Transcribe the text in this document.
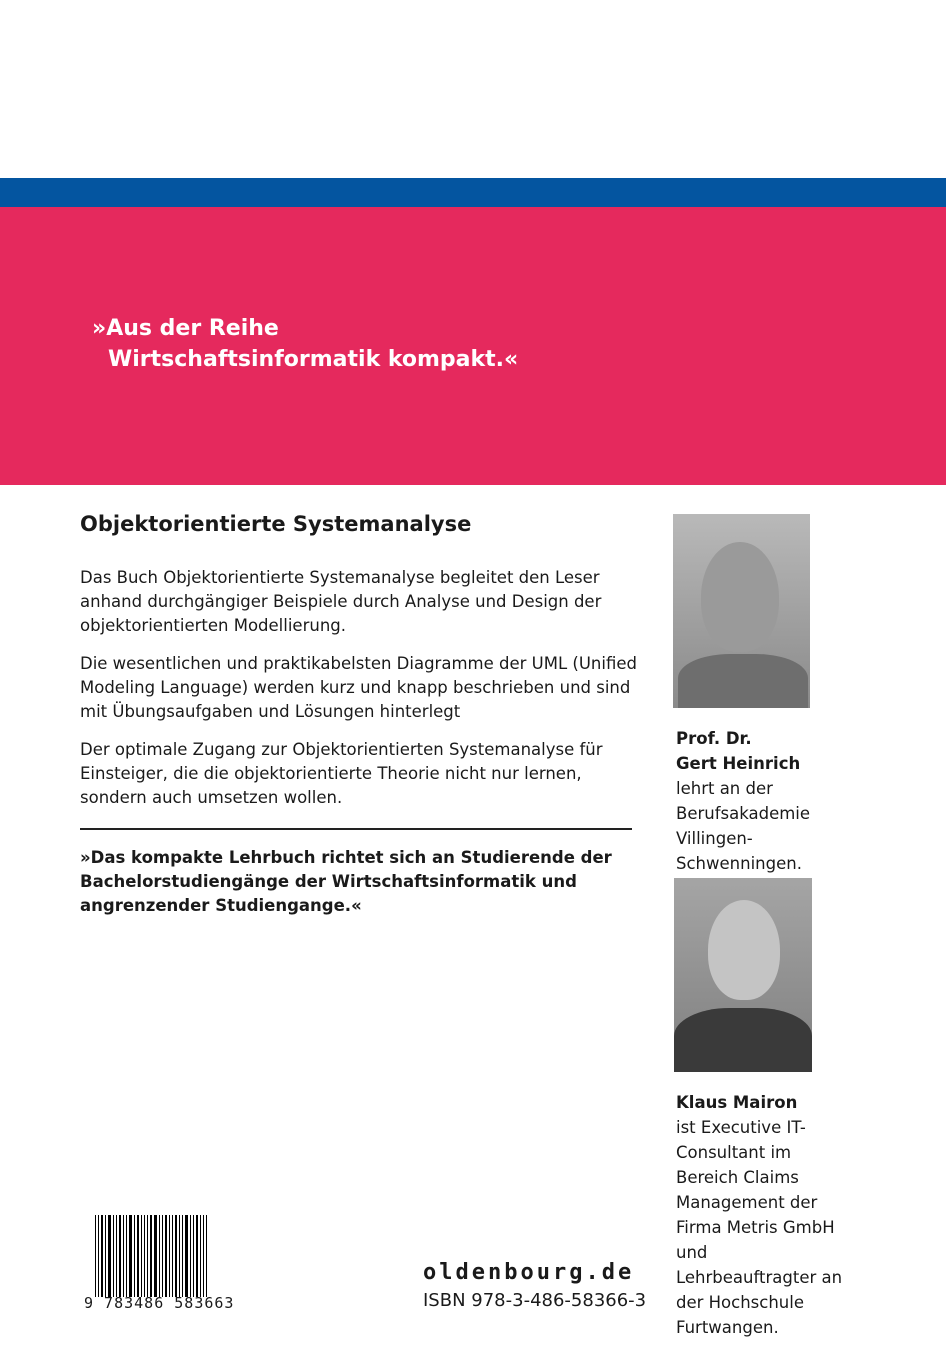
»Aus der Reihe
Wirtschaftsinformatik kompakt.«
Objektorientierte Systemanalyse

Das Buch Objektorientierte Systemanalyse begleitet den Leser anhand durchgängiger Beispiele durch Analyse und Design der objektorientierten Modellierung.

Die wesentlichen und praktikabelsten Diagramme der UML (Unified Modeling Language) werden kurz und knapp beschrieben und sind mit Übungsaufgaben und Lösungen hinterlegt

Der optimale Zugang zur Objektorientierten Systemanalyse für Einsteiger, die die objektorientierte Theorie nicht nur lernen, sondern auch umsetzen wollen.

»Das kompakte Lehrbuch richtet sich an Studierende der Bachelorstudiengänge der Wirtschaftsinformatik und angrenzender Studiengange.«
Prof. Dr.
Gert Heinrich
lehrt an der Berufsakademie Villingen-Schwenningen.
Klaus Mairon
ist Executive IT-Consultant im Bereich Claims Management der Firma Metris GmbH und Lehrbeauftragter an der Hochschule Furtwangen.
9 783486 583663
oldenbourg.de
ISBN 978-3-486-58366-3
